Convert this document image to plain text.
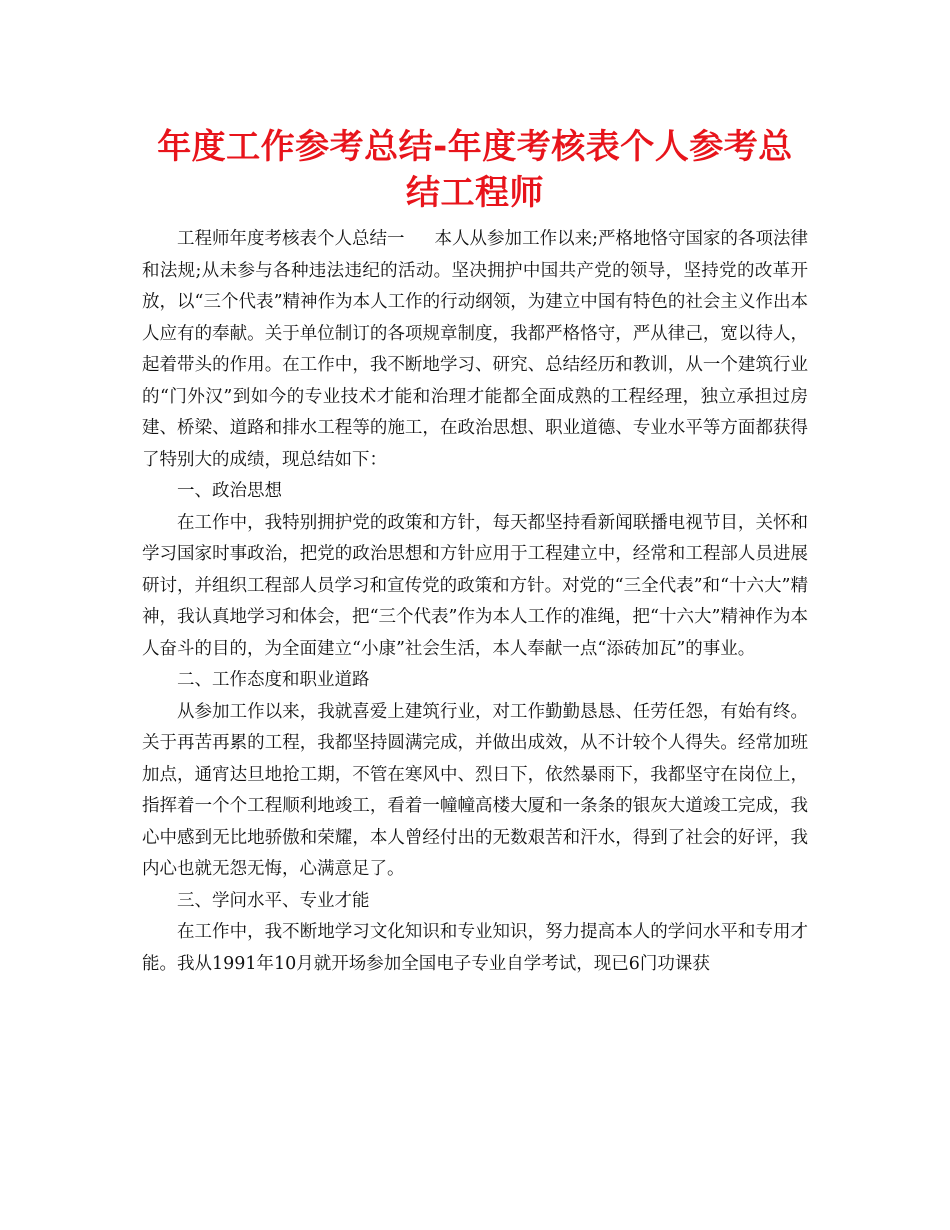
年度工作参考总结-年度考核表个人参考总结工程师

工程师年度考核表个人总结一 本人从参加工作以来;严格地恪守国家的各项法律和法规;从未参与各种违法违纪的活动。坚决拥护中国共产党的领导，坚持党的改革开放，以“三个代表”精神作为本人工作的行动纲领，为建立中国有特色的社会主义作出本人应有的奉献。关于单位制订的各项规章制度，我都严格恪守，严从律己，宽以待人，起着带头的作用。在工作中，我不断地学习、研究、总结经历和教训，从一个建筑行业的“门外汉”到如今的专业技术才能和治理才能都全面成熟的工程经理，独立承担过房建、桥梁、道路和排水工程等的施工，在政治思想、职业道德、专业水平等方面都获得了特别大的成绩，现总结如下：

一、政治思想

在工作中，我特别拥护党的政策和方针，每天都坚持看新闻联播电视节目，关怀和学习国家时事政治，把党的政治思想和方针应用于工程建立中，经常和工程部人员进展研讨，并组织工程部人员学习和宣传党的政策和方针。对党的“三全代表”和“十六大”精神，我认真地学习和体会，把“三个代表”作为本人工作的准绳，把“十六大”精神作为本人奋斗的目的，为全面建立“小康”社会生活，本人奉献一点“添砖加瓦”的事业。

二、工作态度和职业道路

从参加工作以来，我就喜爱上建筑行业，对工作勤勤恳恳、任劳任怨，有始有终。关于再苦再累的工程，我都坚持圆满完成，并做出成效，从不计较个人得失。经常加班加点，通宵达旦地抢工期，不管在寒风中、烈日下，依然暴雨下，我都坚守在岗位上，指挥着一个个工程顺利地竣工，看着一幢幢高楼大厦和一条条的银灰大道竣工完成，我心中感到无比地骄傲和荣耀，本人曾经付出的无数艰苦和汗水，得到了社会的好评，我内心也就无怨无悔，心满意足了。

三、学问水平、专业才能

在工作中，我不断地学习文化知识和专业知识，努力提高本人的学问水平和专用才能。我从1991年10月就开场参加全国电子专业自学考试，现已6门功课获
